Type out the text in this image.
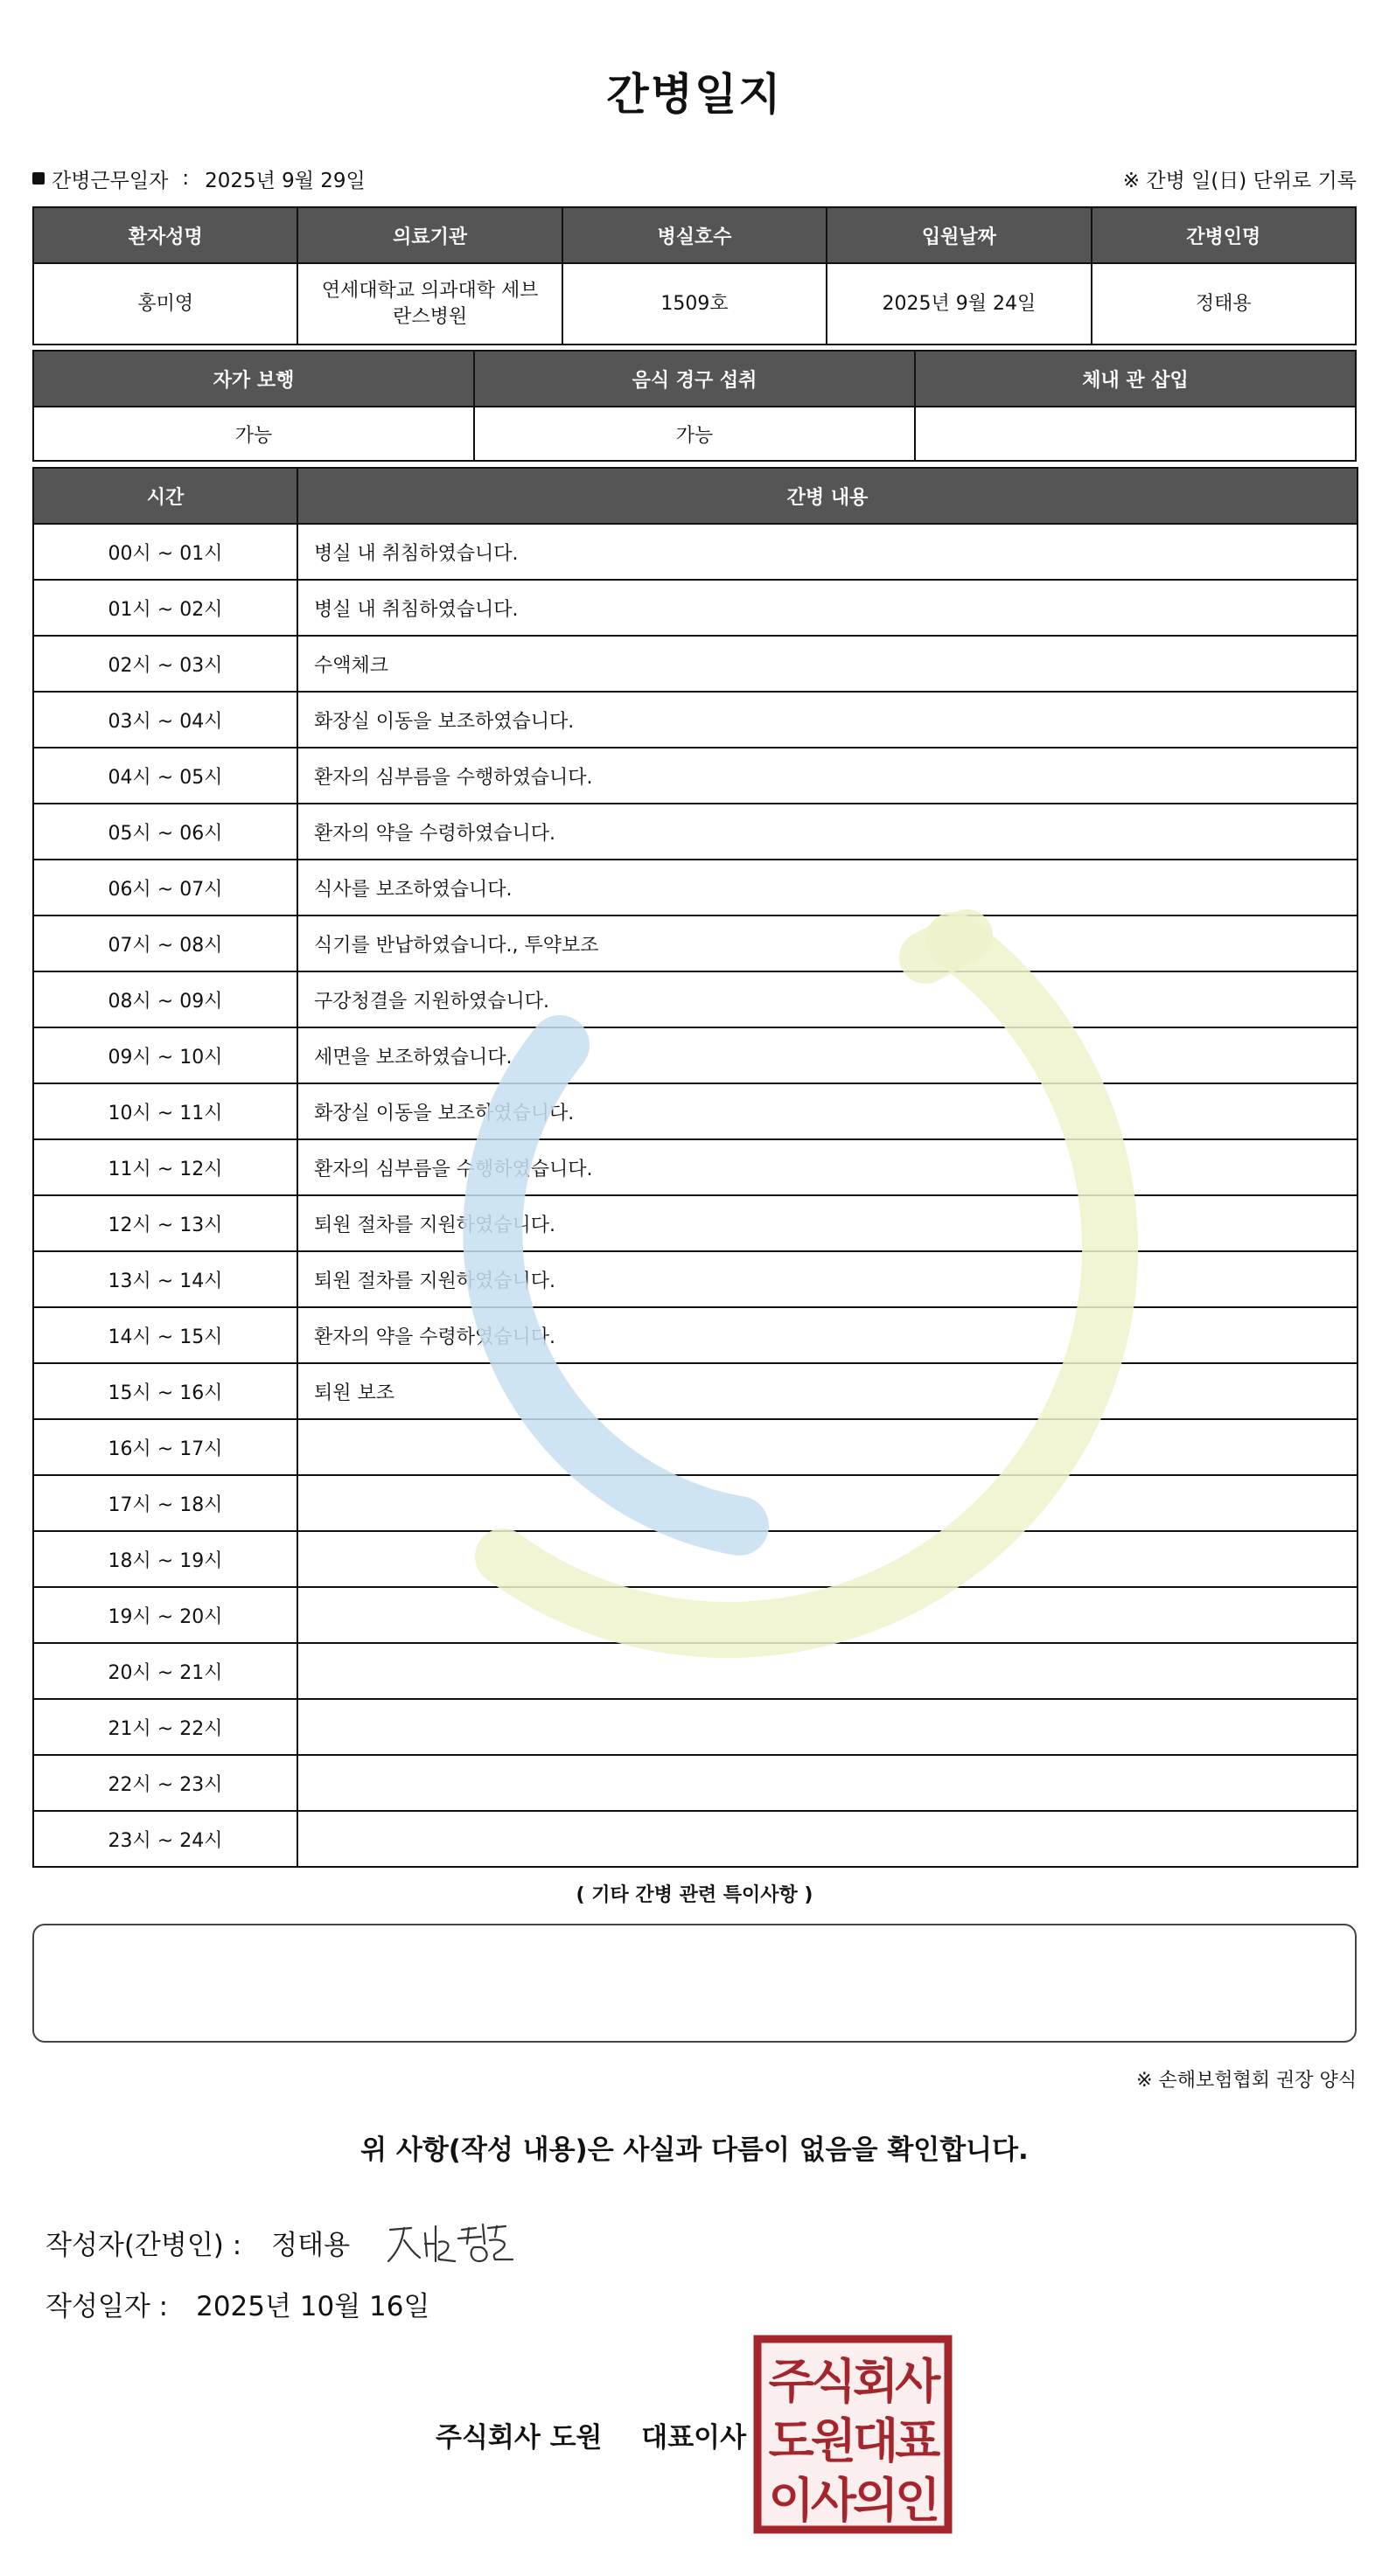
간병일지
간병근무일자 : 2025년 9월 29일	※ 간병 일(日) 단위로 기록
환자성명	의료기관	병실호수	입원날짜	간병인명
홍미영	연세대학교 의과대학 세브란스병원	1509호	2025년 9월 24일	정태용
자가 보행	음식 경구 섭취	체내 관 삽입
가능	가능	
시간	간병 내용
00시 ~ 01시	병실 내 취침하였습니다.
01시 ~ 02시	병실 내 취침하였습니다.
02시 ~ 03시	수액체크
03시 ~ 04시	화장실 이동을 보조하였습니다.
04시 ~ 05시	환자의 심부름을 수행하였습니다.
05시 ~ 06시	환자의 약을 수령하였습니다.
06시 ~ 07시	식사를 보조하였습니다.
07시 ~ 08시	식기를 반납하였습니다., 투약보조
08시 ~ 09시	구강청결을 지원하였습니다.
09시 ~ 10시	세면을 보조하였습니다.
10시 ~ 11시	화장실 이동을 보조하였습니다.
11시 ~ 12시	환자의 심부름을 수행하였습니다.
12시 ~ 13시	퇴원 절차를 지원하였습니다.
13시 ~ 14시	퇴원 절차를 지원하였습니다.
14시 ~ 15시	환자의 약을 수령하였습니다.
15시 ~ 16시	퇴원 보조
16시 ~ 17시	
17시 ~ 18시	
18시 ~ 19시	
19시 ~ 20시	
20시 ~ 21시	
21시 ~ 22시	
22시 ~ 23시	
23시 ~ 24시	
( 기타 간병 관련 특이사항 )
※ 손해보험협회 권장 양식
위 사항(작성 내용)은 사실과 다름이 없음을 확인합니다.
작성자(간병인) : 정태용
작성일자 : 2025년 10월 16일
주식회사 도원 대표이사
주식회사
도원대표
이사의인
